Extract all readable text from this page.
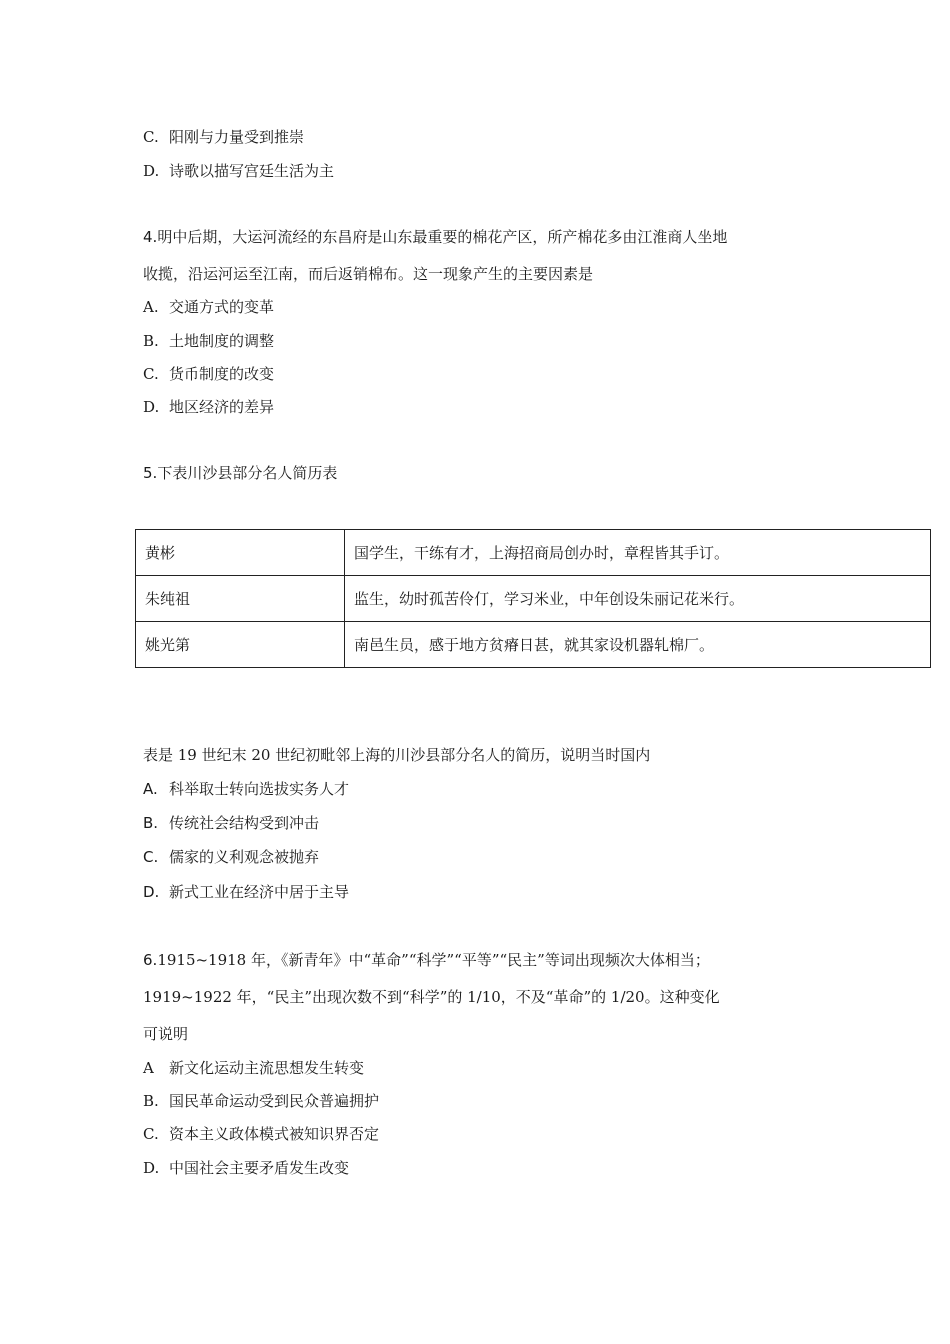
C. 阳刚与力量受到推崇
D. 诗歌以描写宫廷生活为主
4.明中后期，大运河流经的东昌府是山东最重要的棉花产区，所产棉花多由江淮商人坐地
收揽，沿运河运至江南，而后返销棉布。这一现象产生的主要因素是
A. 交通方式的变革
B. 土地制度的调整
C. 货币制度的改变
D. 地区经济的差异
5.下表川沙县部分名人简历表
黄彬	国学生，干练有才，上海招商局创办时，章程皆其手订。
朱纯祖	监生，幼时孤苦伶仃，学习米业，中年创设朱丽记花米行。
姚光第	南邑生员，感于地方贫瘠日甚，就其家设机器轧棉厂。
表是 19 世纪末 20 世纪初毗邻上海的川沙县部分名人的简历，说明当时国内
A. 科举取士转向选拔实务人才
B. 传统社会结构受到冲击
C. 儒家的义利观念被抛弃
D. 新式工业在经济中居于主导
6.1915~1918 年，《新青年》中“革命”“科学”“平等”“民主”等词出现频次大体相当；
1919~1922 年，“民主”出现次数不到“科学”的 1/10，不及“革命”的 1/20。这种变化
可说明
A 新文化运动主流思想发生转变
B. 国民革命运动受到民众普遍拥护
C. 资本主义政体模式被知识界否定
D. 中国社会主要矛盾发生改变
